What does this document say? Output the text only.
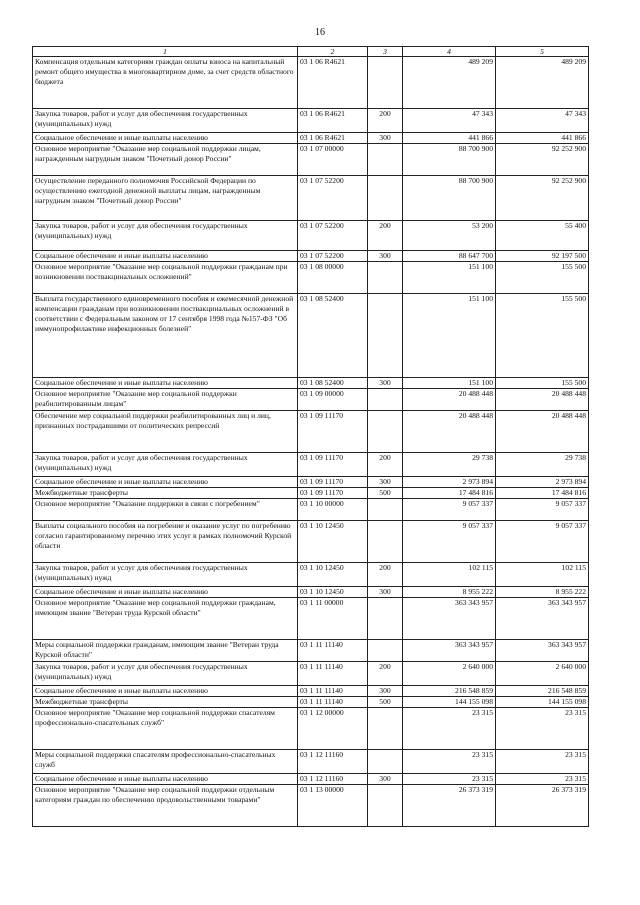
16
1	2	3	4	5
Компенсация отдельным категориям граждан оплаты взноса на капитальный ремонт общего имущества в многоквартирном доме, за счет средств областного бюджета	03 1 06 R4621		489 209	489 209
Закупка товаров, работ и услуг для обеспечения государственных (муниципальных) нужд	03 1 06 R4621	200	47 343	47 343
Социальное обеспечение и иные выплаты населению	03 1 06 R4621	300	441 866	441 866
Основное мероприятие "Оказание мер социальной поддержки лицам, награжденным нагрудным знаком "Почетный донор России"	03 1 07 00000		88 700 900	92 252 900
Осуществление переданного полномочия Российской Федерации по осуществлению ежегодной денежной выплаты лицам, награжденным нагрудным знаком "Почетный донор России"	03 1 07 52200		88 700 900	92 252 900
Закупка товаров, работ и услуг для обеспечения государственных (муниципальных) нужд	03 1 07 52200	200	53 200	55 400
Социальное обеспечение и иные выплаты населению	03 1 07 52200	300	88 647 700	92 197 500
Основное мероприятие "Оказание мер социальной поддержки гражданам при возникновении поствакцинальных осложнений"	03 1 08 00000		151 100	155 500
Выплата государственного единовременного пособия и ежемесячной денежной компенсации гражданам при возникновении поствакцинальных осложнений в соответствии с Федеральным законом от 17 сентября 1998 года №157-ФЗ "Об иммунопрофилактике инфекционных болезней"	03 1 08 52400		151 100	155 500
Социальное обеспечение и иные выплаты населению	03 1 08 52400	300	151 100	155 500
Основное мероприятие "Оказание мер социальной поддержки реабилитированным лицам"	03 1 09 00000		20 488 448	20 488 448
Обеспечение мер социальной поддержки реабилитированных лиц и лиц, признанных пострадавшими от политических репрессий	03 1 09 11170		20 488 448	20 488 448
Закупка товаров, работ и услуг для обеспечения государственных (муниципальных) нужд	03 1 09 11170	200	29 738	29 738
Социальное обеспечение и иные выплаты населению	03 1 09 11170	300	2 973 894	2 973 894
Межбюджетные трансферты	03 1 09 11170	500	17 484 816	17 484 816
Основное мероприятие "Оказание поддержки в связи с погребением"	03 1 10 00000		9 057 337	9 057 337
Выплаты социального пособия на погребение и оказание услуг по погребению согласно гарантированному перечню этих услуг в рамках полномочий Курской области	03 1 10 12450		9 057 337	9 057 337
Закупка товаров, работ и услуг для обеспечения государственных (муниципальных) нужд	03 1 10 12450	200	102 115	102 115
Социальное обеспечение и иные выплаты населению	03 1 10 12450	300	8 955 222	8 955 222
Основное мероприятие "Оказание мер социальной поддержки гражданам, имеющим звание "Ветеран труда Курской области"	03 1 11 00000		363 343 957	363 343 957
Меры социальной поддержки гражданам, имеющим звание "Ветеран труда Курской области"	03 1 11 11140		363 343 957	363 343 957
Закупка товаров, работ и услуг для обеспечения государственных (муниципальных) нужд	03 1 11 11140	200	2 640 000	2 640 000
Социальное обеспечение и иные выплаты населению	03 1 11 11140	300	216 548 859	216 548 859
Межбюджетные трансферты	03 1 11 11140	500	144 155 098	144 155 098
Основное мероприятие "Оказание мер социальной поддержки спасателям профессионально-спасательных служб"	03 1 12 00000		23 315	23 315
Меры социальной поддержки спасателям профессионально-спасательных служб	03 1 12 11160		23 315	23 315
Социальное обеспечение и иные выплаты населению	03 1 12 11160	300	23 315	23 315
Основное мероприятие "Оказание мер социальной поддержки отдельным категориям граждан по обеспечению продовольственными товарами"	03 1 13 00000		26 373 319	26 373 319
